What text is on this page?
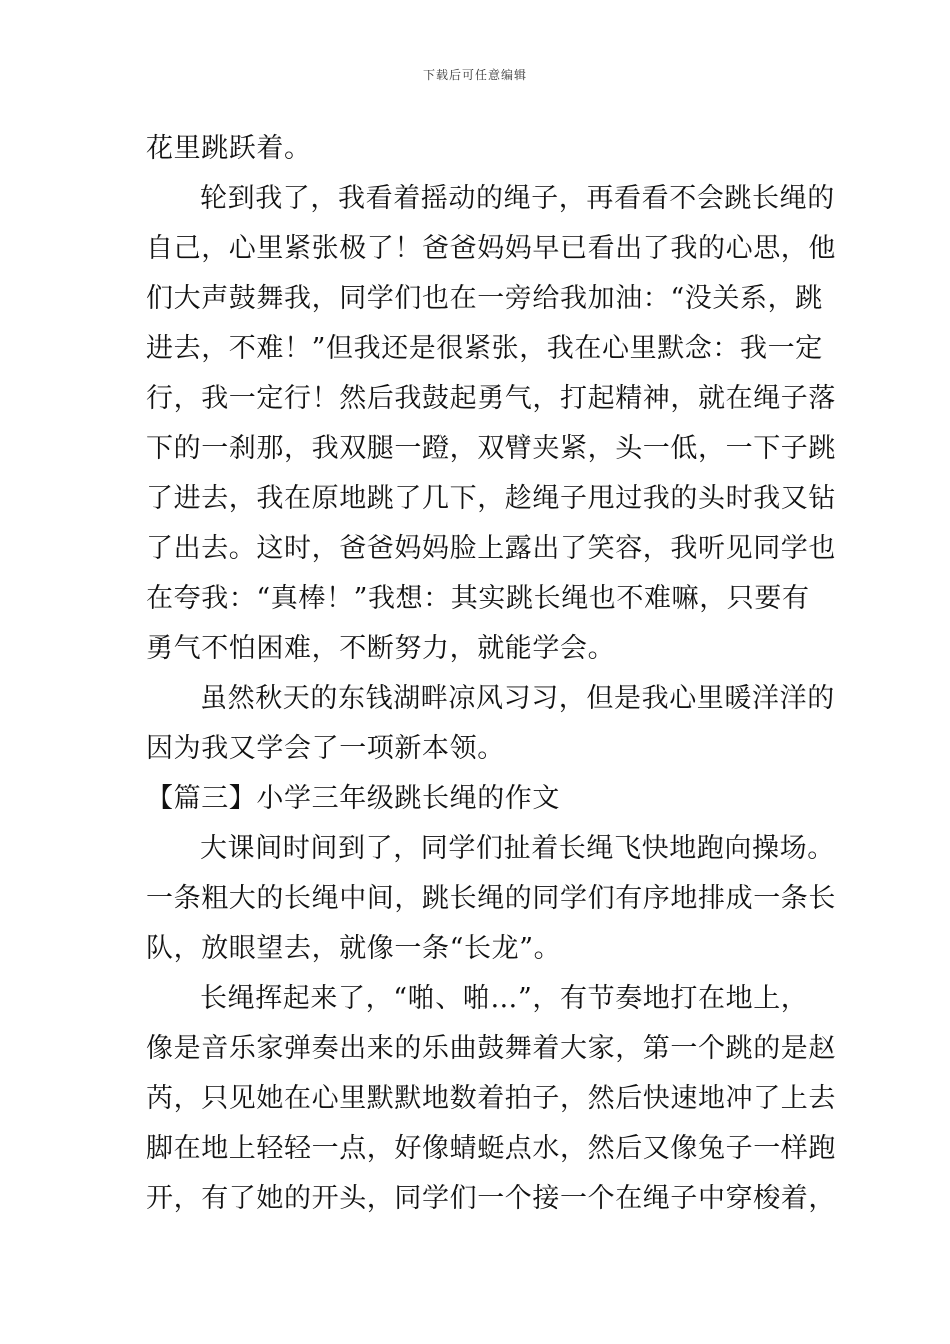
下载后可任意编辑
花里跳跃着。
轮到我了，我看着摇动的绳子，再看看不会跳长绳的
自己，心里紧张极了！爸爸妈妈早已看出了我的心思，他
们大声鼓舞我，同学们也在一旁给我加油：“没关系，跳
进去，不难！”但我还是很紧张，我在心里默念：我一定
行，我一定行！然后我鼓起勇气，打起精神，就在绳子落
下的一刹那，我双腿一蹬，双臂夹紧，头一低，一下子跳
了进去，我在原地跳了几下，趁绳子甩过我的头时我又钻
了出去。这时，爸爸妈妈脸上露出了笑容，我听见同学也
在夸我：“真棒！”我想：其实跳长绳也不难嘛，只要有
勇气不怕困难，不断努力，就能学会。
虽然秋天的东钱湖畔凉风习习，但是我心里暖洋洋的
因为我又学会了一项新本领。
【篇三】小学三年级跳长绳的作文
大课间时间到了，同学们扯着长绳飞快地跑向操场。
一条粗大的长绳中间，跳长绳的同学们有序地排成一条长
队，放眼望去，就像一条“长龙”。
长绳挥起来了，“啪、啪…”，有节奏地打在地上，
像是音乐家弹奏出来的乐曲鼓舞着大家，第一个跳的是赵
芮，只见她在心里默默地数着拍子，然后快速地冲了上去
脚在地上轻轻一点，好像蜻蜓点水，然后又像兔子一样跑
开，有了她的开头，同学们一个接一个在绳子中穿梭着，
